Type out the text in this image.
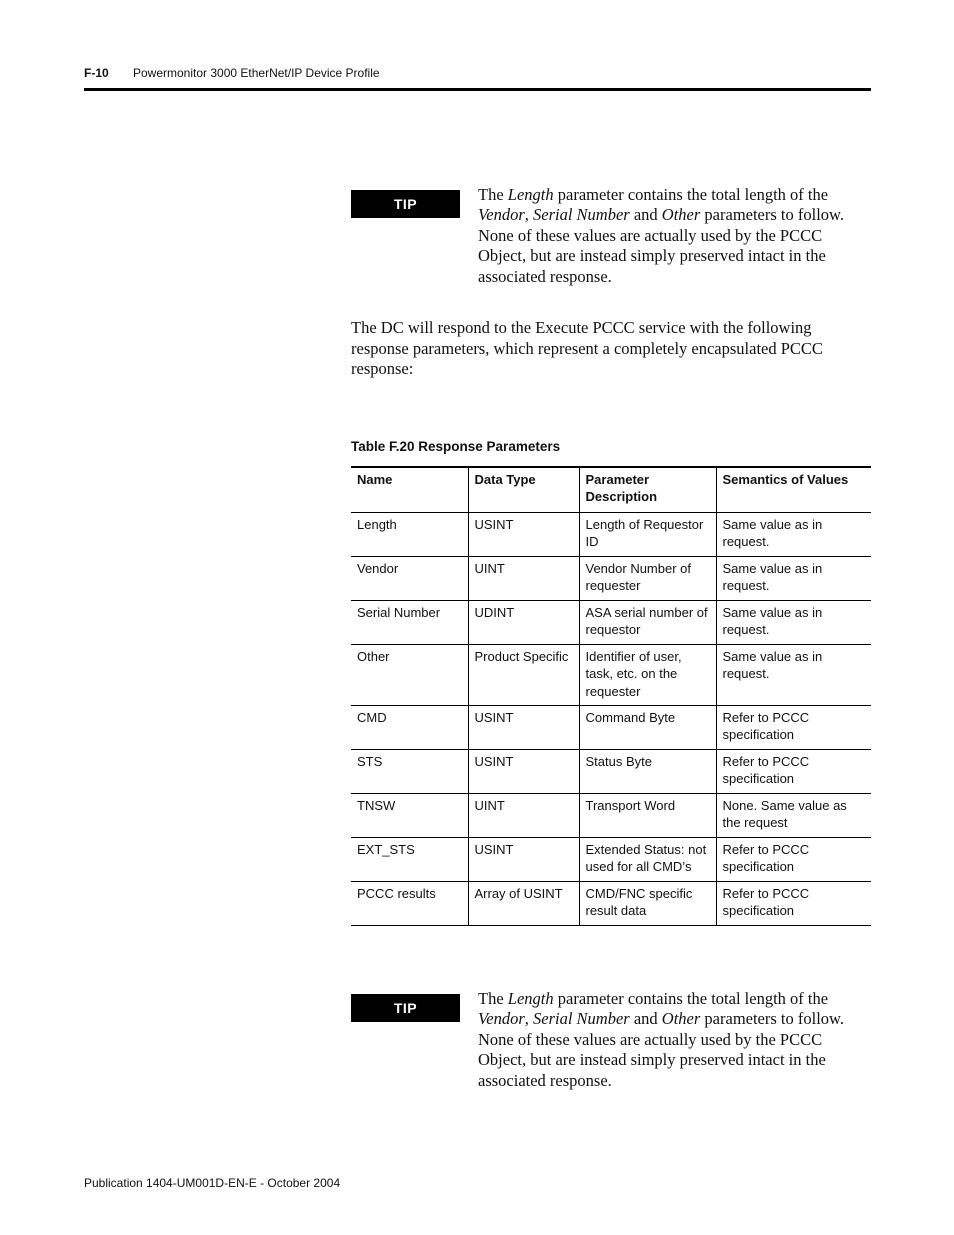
F-10 Powermonitor 3000 EtherNet/IP Device Profile
TIP	The Length parameter contains the total length of the Vendor, Serial Number and Other parameters to follow. None of these values are actually used by the PCCC Object, but are instead simply preserved intact in the associated response.

The DC will respond to the Execute PCCC service with the following response parameters, which represent a completely encapsulated PCCC response:

Table F.20 Response Parameters
Name	Data Type	Parameter Description	Semantics of Values
Length	USINT	Length of Requestor ID	Same value as in request.
Vendor	UINT	Vendor Number of requester	Same value as in request.
Serial Number	UDINT	ASA serial number of requestor	Same value as in request.
Other	Product Specific	Identifier of user, task, etc. on the requester	Same value as in request.
CMD	USINT	Command Byte	Refer to PCCC specification
STS	USINT	Status Byte	Refer to PCCC specification
TNSW	UINT	Transport Word	None. Same value as the request
EXT_STS	USINT	Extended Status: not used for all CMD’s	Refer to PCCC specification
PCCC results	Array of USINT	CMD/FNC specific result data	Refer to PCCC specification
TIP	The Length parameter contains the total length of the Vendor, Serial Number and Other parameters to follow. None of these values are actually used by the PCCC Object, but are instead simply preserved intact in the associated response.

Publication 1404-UM001D-EN-E - October 2004
